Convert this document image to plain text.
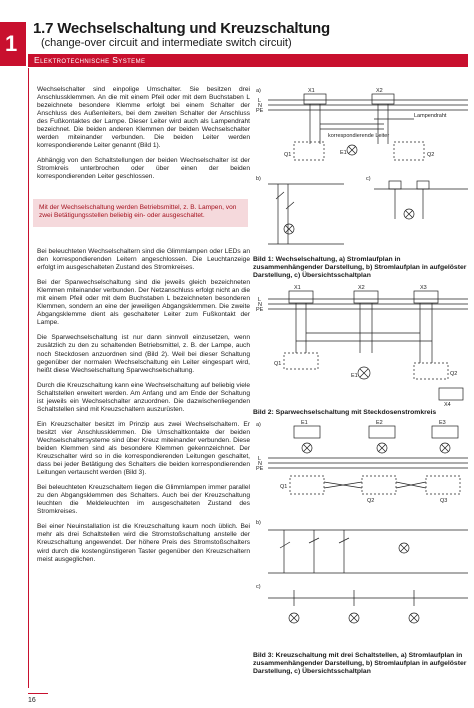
1
1.7 Wechselschaltung und Kreuzschaltung
(change-over circuit and intermediate switch circuit)
Elektrotechnische Systeme

Wechselschalter sind einpolige Umschalter. Sie besitzen drei Anschlussklemmen. An die mit einem Pfeil oder mit dem Buchstaben L bezeichnete besondere Klemme erfolgt bei einem Schalter der Anschluss des Außenleiters, bei dem zweiten Schalter der Anschluss des Fußkontaktes der Lampe. Dieser Leiter wird auch als Lampendraht bezeichnet. Die beiden anderen Klemmen der beiden Wechselschalter werden miteinander verbunden. Die beiden Leiter werden korrespondierende Leiter genannt (Bild 1).

Abhängig von den Schaltstellungen der beiden Wechselschalter ist der Stromkreis unterbrochen oder über einen der beiden korrespondierenden Leiter geschlossen.

Mit der Wechselschaltung werden Betriebsmittel, z. B. Lampen, von zwei Betätigungsstellen beliebig ein- oder ausgeschaltet.

Bei beleuchteten Wechselschaltern sind die Glimmlampen oder LEDs an den korrespondierenden Leitern angeschlossen. Die Leuchtanzeige erfolgt im ausgeschalteten Zustand des Stromkreises.

Bei der Sparwechselschaltung sind die jeweils gleich bezeichneten Klemmen miteinander verbunden. Der Netzanschluss erfolgt nicht an die mit einem Pfeil oder mit dem Buchstaben L bezeichneten besonderen Klemmen, sondern an eine der jeweiligen Abgangsklemmen. Die zweite Abgangsklemme dient als geschalteter Leiter zum Fußkontakt der Lampe.

Die Sparwechselschaltung ist nur dann sinnvoll einzusetzen, wenn zusätzlich zu den zu schaltenden Betriebsmittel, z. B. der Lampe, auch noch Steckdosen anzuordnen sind (Bild 2). Weil bei dieser Schaltung gegenüber der normalen Wechselschaltung ein Leiter eingespart wird, heißt diese Wechselschaltung Sparwechselschaltung.

Durch die Kreuzschaltung kann eine Wechselschaltung auf beliebig viele Schaltstellen erweitert werden. Am Anfang und am Ende der Schaltung ist jeweils ein Wechselschalter anzuordnen. Die dazwischenliegenden Schaltstellen sind mit Kreuzschaltern auszurüsten.

Ein Kreuzschalter besitzt im Prinzip aus zwei Wechselschaltern. Er besitzt vier Anschlussklemmen. Die Umschaltkontakte der beiden Wechselschaltersysteme sind über Kreuz miteinander verbunden. Diese beiden Klemmen sind als besondere Klemmen gekennzeichnet. Der Kreuzschalter wird so in die korrespondierenden Leitungen geschaltet, dass bei jeder Betätigung des Schalters die beiden korrespondierenden Leitungen vertauscht werden (Bild 3).

Bei beleuchteten Kreuzschaltern liegen die Glimmlampen immer parallel zu den Abgangsklemmen des Schalters. Auch bei der Kreuzschaltung leuchten die Meldeleuchten im ausgeschalteten Zustand des Stromkreises.

Bei einer Neuinstallation ist die Kreuzschaltung kaum noch üblich. Bei mehr als drei Schaltstellen wird die Stromstoßschaltung anstelle der Kreuzschaltung angewendet. Der höhere Preis des Stromstoßschalters wird durch die kostengünstigeren Taster gegenüber den Kreuzschaltern meist ausgeglichen.

a)
L
N
PE
X1	X2
Lampendraht
korrespondierende Leiter
Q1	Q2
E1
b)	c)
Bild 1: Wechselschaltung, a) Stromlaufplan in zusammenhängender Darstellung, b) Stromlaufplan in aufgelöster Darstellung, c) Übersichtsschaltplan
L
N
PE
X1	X2	X3
X4
Q1
Q2
E1
Bild 2: Sparwechselschaltung mit Steckdosenstromkreis
a)
L
N
PE
E1	E2	E3
Q1
Q2	Q3
b)
c)
Bild 3: Kreuzschaltung mit drei Schaltstellen, a) Stromlaufplan in zusammenhängender Darstellung, b) Stromlaufplan in aufgelöster Darstellung, c) Übersichtsschaltplan
16
